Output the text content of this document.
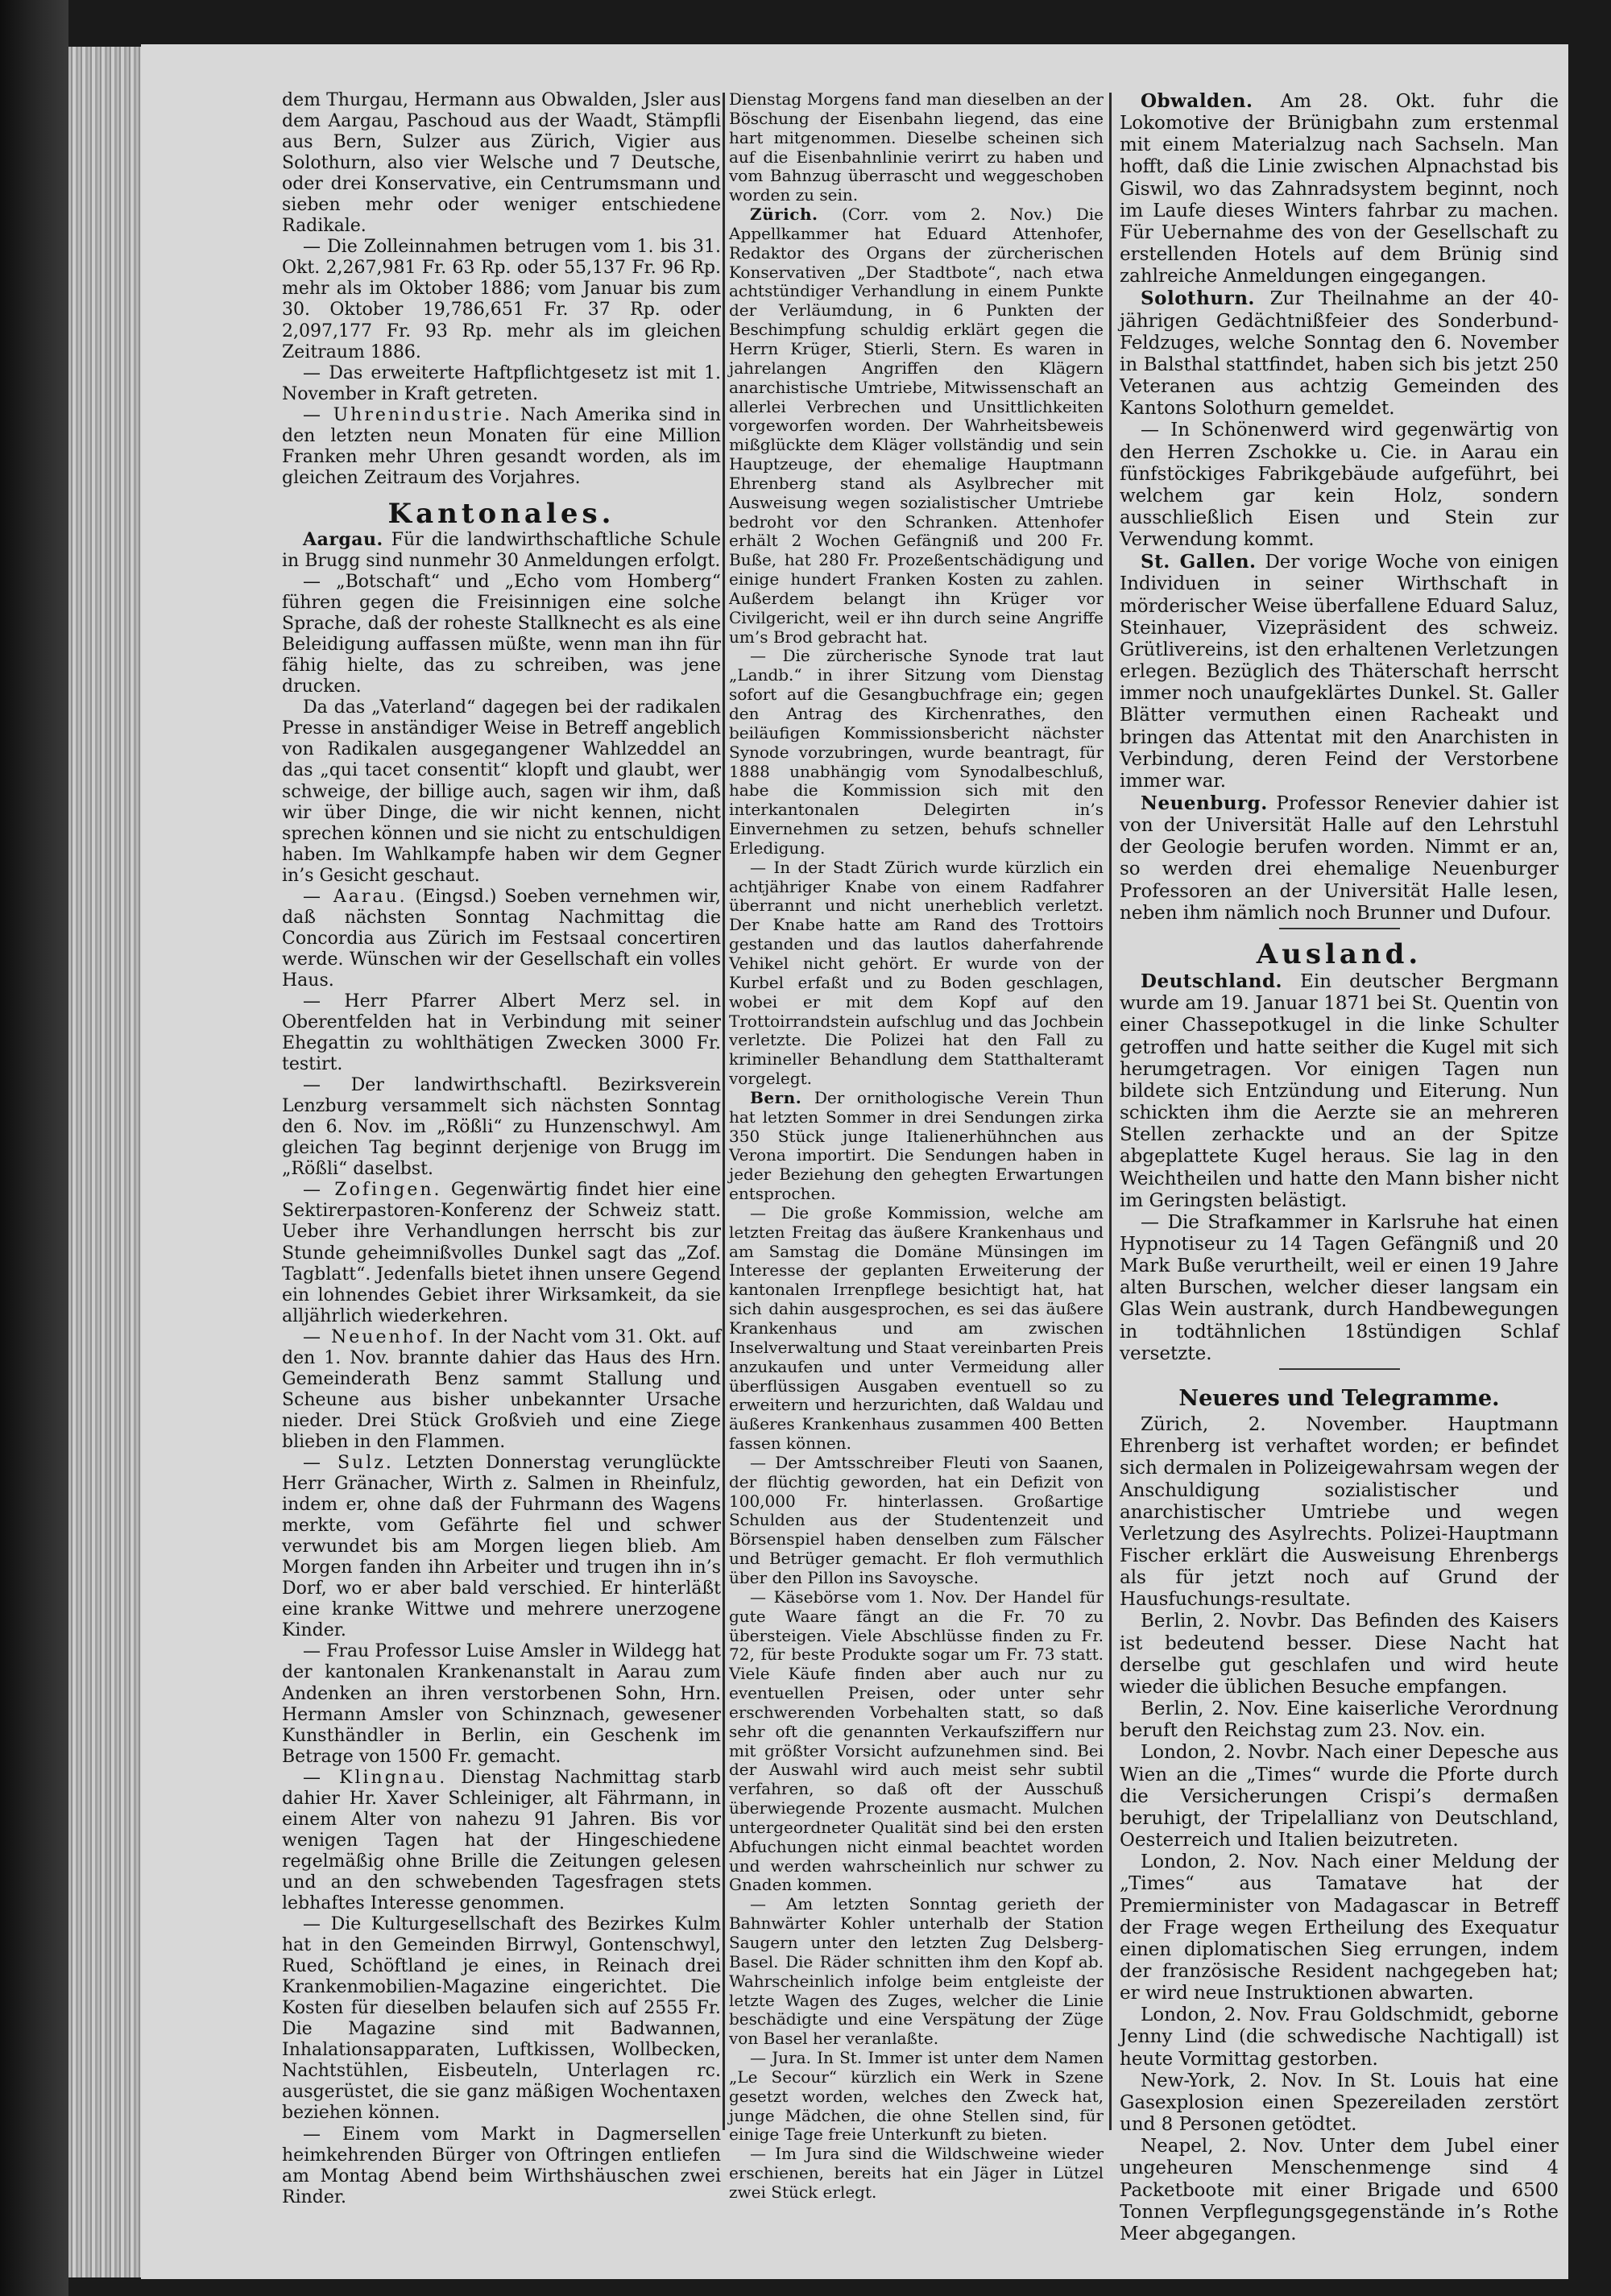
dem Thurgau, Hermann aus Obwalden, Jsler aus dem Aargau, Paschoud aus der Waadt, Stämpfli aus Bern, Sulzer aus Zürich, Vigier aus Solothurn, also vier Welsche und 7 Deutsche, oder drei Konservative, ein Centrumsmann und sieben mehr oder weniger entschiedene Radikale.

— Die Zolleinnahmen betrugen vom 1. bis 31. Okt. 2,267,981 Fr. 63 Rp. oder 55,137 Fr. 96 Rp. mehr als im Oktober 1886; vom Januar bis zum 30. Oktober 19,786,651 Fr. 37 Rp. oder 2,097,177 Fr. 93 Rp. mehr als im gleichen Zeitraum 1886.

— Das erweiterte Haftpflichtgesetz ist mit 1. November in Kraft getreten.

— Uhrenindustrie. Nach Amerika sind in den letzten neun Monaten für eine Million Franken mehr Uhren gesandt worden, als im gleichen Zeitraum des Vorjahres.

Kantonales.

Aargau. Für die landwirthschaftliche Schule in Brugg sind nunmehr 30 Anmeldungen erfolgt.

— „Botschaft“ und „Echo vom Homberg“ führen gegen die Freisinnigen eine solche Sprache, daß der roheste Stallknecht es als eine Beleidigung auffassen müßte, wenn man ihn für fähig hielte, das zu schreiben, was jene drucken.

Da das „Vaterland“ dagegen bei der radikalen Presse in anständiger Weise in Betreff angeblich von Radikalen ausgegangener Wahlzeddel an das „qui tacet consentit“ klopft und glaubt, wer schweige, der billige auch, sagen wir ihm, daß wir über Dinge, die wir nicht kennen, nicht sprechen können und sie nicht zu entschuldigen haben. Im Wahlkampfe haben wir dem Gegner in’s Gesicht geschaut.

— Aarau. (Eingsd.) Soeben vernehmen wir, daß nächsten Sonntag Nachmittag die Concordia aus Zürich im Festsaal concertiren werde. Wünschen wir der Gesellschaft ein volles Haus.

— Herr Pfarrer Albert Merz sel. in Oberentfelden hat in Verbindung mit seiner Ehegattin zu wohlthätigen Zwecken 3000 Fr. testirt.

— Der landwirthschaftl. Bezirksverein Lenzburg versammelt sich nächsten Sonntag den 6. Nov. im „Rößli“ zu Hunzenschwyl. Am gleichen Tag beginnt derjenige von Brugg im „Rößli“ daselbst.

— Zofingen. Gegenwärtig findet hier eine Sektirerpastoren-Konferenz der Schweiz statt. Ueber ihre Verhandlungen herrscht bis zur Stunde geheimnißvolles Dunkel sagt das „Zof. Tagblatt“. Jedenfalls bietet ihnen unsere Gegend ein lohnendes Gebiet ihrer Wirksamkeit, da sie alljährlich wiederkehren.

— Neuenhof. In der Nacht vom 31. Okt. auf den 1. Nov. brannte dahier das Haus des Hrn. Gemeinderath Benz sammt Stallung und Scheune aus bisher unbekannter Ursache nieder. Drei Stück Großvieh und eine Ziege blieben in den Flammen.

— Sulz. Letzten Donnerstag verunglückte Herr Gränacher, Wirth z. Salmen in Rheinfulz, indem er, ohne daß der Fuhrmann des Wagens merkte, vom Gefährte fiel und schwer verwundet bis am Morgen liegen blieb. Am Morgen fanden ihn Arbeiter und trugen ihn in’s Dorf, wo er aber bald verschied. Er hinterläßt eine kranke Wittwe und mehrere unerzogene Kinder.

— Frau Professor Luise Amsler in Wildegg hat der kantonalen Krankenanstalt in Aarau zum Andenken an ihren verstorbenen Sohn, Hrn. Hermann Amsler von Schinznach, gewesener Kunsthändler in Berlin, ein Geschenk im Betrage von 1500 Fr. gemacht.

— Klingnau. Dienstag Nachmittag starb dahier Hr. Xaver Schleiniger, alt Fährmann, in einem Alter von nahezu 91 Jahren. Bis vor wenigen Tagen hat der Hingeschiedene regelmäßig ohne Brille die Zeitungen gelesen und an den schwebenden Tagesfragen stets lebhaftes Interesse genommen.

— Die Kulturgesellschaft des Bezirkes Kulm hat in den Gemeinden Birrwyl, Gontenschwyl, Rued, Schöftland je eines, in Reinach drei Krankenmobilien-Magazine eingerichtet. Die Kosten für dieselben belaufen sich auf 2555 Fr. Die Magazine sind mit Badwannen, Inhalationsapparaten, Luftkissen, Wollbecken, Nachtstühlen, Eisbeuteln, Unterlagen rc. ausgerüstet, die sie ganz mäßigen Wochentaxen beziehen können.

— Einem vom Markt in Dagmersellen heimkehrenden Bürger von Oftringen entliefen am Montag Abend beim Wirthshäuschen zwei Rinder.

Dienstag Morgens fand man dieselben an der Böschung der Eisenbahn liegend, das eine hart mitgenommen. Dieselbe scheinen sich auf die Eisenbahnlinie verirrt zu haben und vom Bahnzug überrascht und weggeschoben worden zu sein.

Zürich. (Corr. vom 2. Nov.) Die Appellkammer hat Eduard Attenhofer, Redaktor des Organs der zürcherischen Konservativen „Der Stadtbote“, nach etwa achtstündiger Verhandlung in einem Punkte der Verläumdung, in 6 Punkten der Beschimpfung schuldig erklärt gegen die Herrn Krüger, Stierli, Stern. Es waren in jahrelangen Angriffen den Klägern anarchistische Umtriebe, Mitwissenschaft an allerlei Verbrechen und Unsittlichkeiten vorgeworfen worden. Der Wahrheitsbeweis mißglückte dem Kläger vollständig und sein Hauptzeuge, der ehemalige Hauptmann Ehrenberg stand als Asylbrecher mit Ausweisung wegen sozialistischer Umtriebe bedroht vor den Schranken. Attenhofer erhält 2 Wochen Gefängniß und 200 Fr. Buße, hat 280 Fr. Prozeßentschädigung und einige hundert Franken Kosten zu zahlen. Außerdem belangt ihn Krüger vor Civilgericht, weil er ihn durch seine Angriffe um’s Brod gebracht hat.

— Die zürcherische Synode trat laut „Landb.“ in ihrer Sitzung vom Dienstag sofort auf die Gesangbuchfrage ein; gegen den Antrag des Kirchenrathes, den beiläufigen Kommissionsbericht nächster Synode vorzubringen, wurde beantragt, für 1888 unabhängig vom Synodalbeschluß, habe die Kommission sich mit den interkantonalen Delegirten in’s Einvernehmen zu setzen, behufs schneller Erledigung.

— In der Stadt Zürich wurde kürzlich ein achtjähriger Knabe von einem Radfahrer überrannt und nicht unerheblich verletzt. Der Knabe hatte am Rand des Trottoirs gestanden und das lautlos daherfahrende Vehikel nicht gehört. Er wurde von der Kurbel erfaßt und zu Boden geschlagen, wobei er mit dem Kopf auf den Trottoirrandstein aufschlug und das Jochbein verletzte. Die Polizei hat den Fall zu krimineller Behandlung dem Statthalteramt vorgelegt.

Bern. Der ornithologische Verein Thun hat letzten Sommer in drei Sendungen zirka 350 Stück junge Italienerhühnchen aus Verona importirt. Die Sendungen haben in jeder Beziehung den gehegten Erwartungen entsprochen.

— Die große Kommission, welche am letzten Freitag das äußere Krankenhaus und am Samstag die Domäne Münsingen im Interesse der geplanten Erweiterung der kantonalen Irrenpflege besichtigt hat, hat sich dahin ausgesprochen, es sei das äußere Krankenhaus und am zwischen Inselverwaltung und Staat vereinbarten Preis anzukaufen und unter Vermeidung aller überflüssigen Ausgaben eventuell so zu erweitern und herzurichten, daß Waldau und äußeres Krankenhaus zusammen 400 Betten fassen können.

— Der Amtsschreiber Fleuti von Saanen, der flüchtig geworden, hat ein Defizit von 100,000 Fr. hinterlassen. Großartige Schulden aus der Studentenzeit und Börsenspiel haben denselben zum Fälscher und Betrüger gemacht. Er floh vermuthlich über den Pillon ins Savoysche.

— Käsebörse vom 1. Nov. Der Handel für gute Waare fängt an die Fr. 70 zu übersteigen. Viele Abschlüsse finden zu Fr. 72, für beste Produkte sogar um Fr. 73 statt. Viele Käufe finden aber auch nur zu eventuellen Preisen, oder unter sehr erschwerenden Vorbehalten statt, so daß sehr oft die genannten Verkaufsziffern nur mit größter Vorsicht aufzunehmen sind. Bei der Auswahl wird auch meist sehr subtil verfahren, so daß oft der Ausschuß überwiegende Prozente ausmacht. Mulchen untergeordneter Qualität sind bei den ersten Abfuchungen nicht einmal beachtet worden und werden wahrscheinlich nur schwer zu Gnaden kommen.

— Am letzten Sonntag gerieth der Bahnwärter Kohler unterhalb der Station Saugern unter den letzten Zug Delsberg-Basel. Die Räder schnitten ihm den Kopf ab. Wahrscheinlich infolge beim entgleiste der letzte Wagen des Zuges, welcher die Linie beschädigte und eine Verspätung der Züge von Basel her veranlaßte.

— Jura. In St. Immer ist unter dem Namen „Le Secour“ kürzlich ein Werk in Szene gesetzt worden, welches den Zweck hat, junge Mädchen, die ohne Stellen sind, für einige Tage freie Unterkunft zu bieten.

— Im Jura sind die Wildschweine wieder erschienen, bereits hat ein Jäger in Lützel zwei Stück erlegt.

Obwalden. Am 28. Okt. fuhr die Lokomotive der Brünigbahn zum erstenmal mit einem Materialzug nach Sachseln. Man hofft, daß die Linie zwischen Alpnachstad bis Giswil, wo das Zahnradsystem beginnt, noch im Laufe dieses Winters fahrbar zu machen. Für Uebernahme des von der Gesellschaft zu erstellenden Hotels auf dem Brünig sind zahlreiche Anmeldungen eingegangen.

Solothurn. Zur Theilnahme an der 40-jährigen Gedächtnißfeier des Sonderbund-Feldzuges, welche Sonntag den 6. November in Balsthal stattfindet, haben sich bis jetzt 250 Veteranen aus achtzig Gemeinden des Kantons Solothurn gemeldet.

— In Schönenwerd wird gegenwärtig von den Herren Zschokke u. Cie. in Aarau ein fünfstöckiges Fabrikgebäude aufgeführt, bei welchem gar kein Holz, sondern ausschließlich Eisen und Stein zur Verwendung kommt.

St. Gallen. Der vorige Woche von einigen Individuen in seiner Wirthschaft in mörderischer Weise überfallene Eduard Saluz, Steinhauer, Vizepräsident des schweiz. Grütlivereins, ist den erhaltenen Verletzungen erlegen. Bezüglich des Thäterschaft herrscht immer noch unaufgeklärtes Dunkel. St. Galler Blätter vermuthen einen Racheakt und bringen das Attentat mit den Anarchisten in Verbindung, deren Feind der Verstorbene immer war.

Neuenburg. Professor Renevier dahier ist von der Universität Halle auf den Lehrstuhl der Geologie berufen worden. Nimmt er an, so werden drei ehemalige Neuenburger Professoren an der Universität Halle lesen, neben ihm nämlich noch Brunner und Dufour.

Ausland.

Deutschland. Ein deutscher Bergmann wurde am 19. Januar 1871 bei St. Quentin von einer Chassepotkugel in die linke Schulter getroffen und hatte seither die Kugel mit sich herumgetragen. Vor einigen Tagen nun bildete sich Entzündung und Eiterung. Nun schickten ihm die Aerzte sie an mehreren Stellen zerhackte und an der Spitze abgeplattete Kugel heraus. Sie lag in den Weichtheilen und hatte den Mann bisher nicht im Geringsten belästigt.

— Die Strafkammer in Karlsruhe hat einen Hypnotiseur zu 14 Tagen Gefängniß und 20 Mark Buße verurtheilt, weil er einen 19 Jahre alten Burschen, welcher dieser langsam ein Glas Wein austrank, durch Handbewegungen in todtähnlichen 18stündigen Schlaf versetzte.

Neueres und Telegramme.

Zürich, 2. November. Hauptmann Ehrenberg ist verhaftet worden; er befindet sich dermalen in Polizeigewahrsam wegen der Anschuldigung sozialistischer und anarchistischer Umtriebe und wegen Verletzung des Asylrechts. Polizei-Hauptmann Fischer erklärt die Ausweisung Ehrenbergs als für jetzt noch auf Grund der Hausfuchungs-resultate.

Berlin, 2. Novbr. Das Befinden des Kaisers ist bedeutend besser. Diese Nacht hat derselbe gut geschlafen und wird heute wieder die üblichen Besuche empfangen.

Berlin, 2. Nov. Eine kaiserliche Verordnung beruft den Reichstag zum 23. Nov. ein.

London, 2. Novbr. Nach einer Depesche aus Wien an die „Times“ wurde die Pforte durch die Versicherungen Crispi’s dermaßen beruhigt, der Tripelallianz von Deutschland, Oesterreich und Italien beizutreten.

London, 2. Nov. Nach einer Meldung der „Times“ aus Tamatave hat der Premierminister von Madagascar in Betreff der Frage wegen Ertheilung des Exequatur einen diplomatischen Sieg errungen, indem der französische Resident nachgegeben hat; er wird neue Instruktionen abwarten.

London, 2. Nov. Frau Goldschmidt, geborne Jenny Lind (die schwedische Nachtigall) ist heute Vormittag gestorben.

New-York, 2. Nov. In St. Louis hat eine Gasexplosion einen Spezereiladen zerstört und 8 Personen getödtet.

Neapel, 2. Nov. Unter dem Jubel einer ungeheuren Menschenmenge sind 4 Packetboote mit einer Brigade und 6500 Tonnen Verpflegungsgegenstände in’s Rothe Meer abgegangen.
